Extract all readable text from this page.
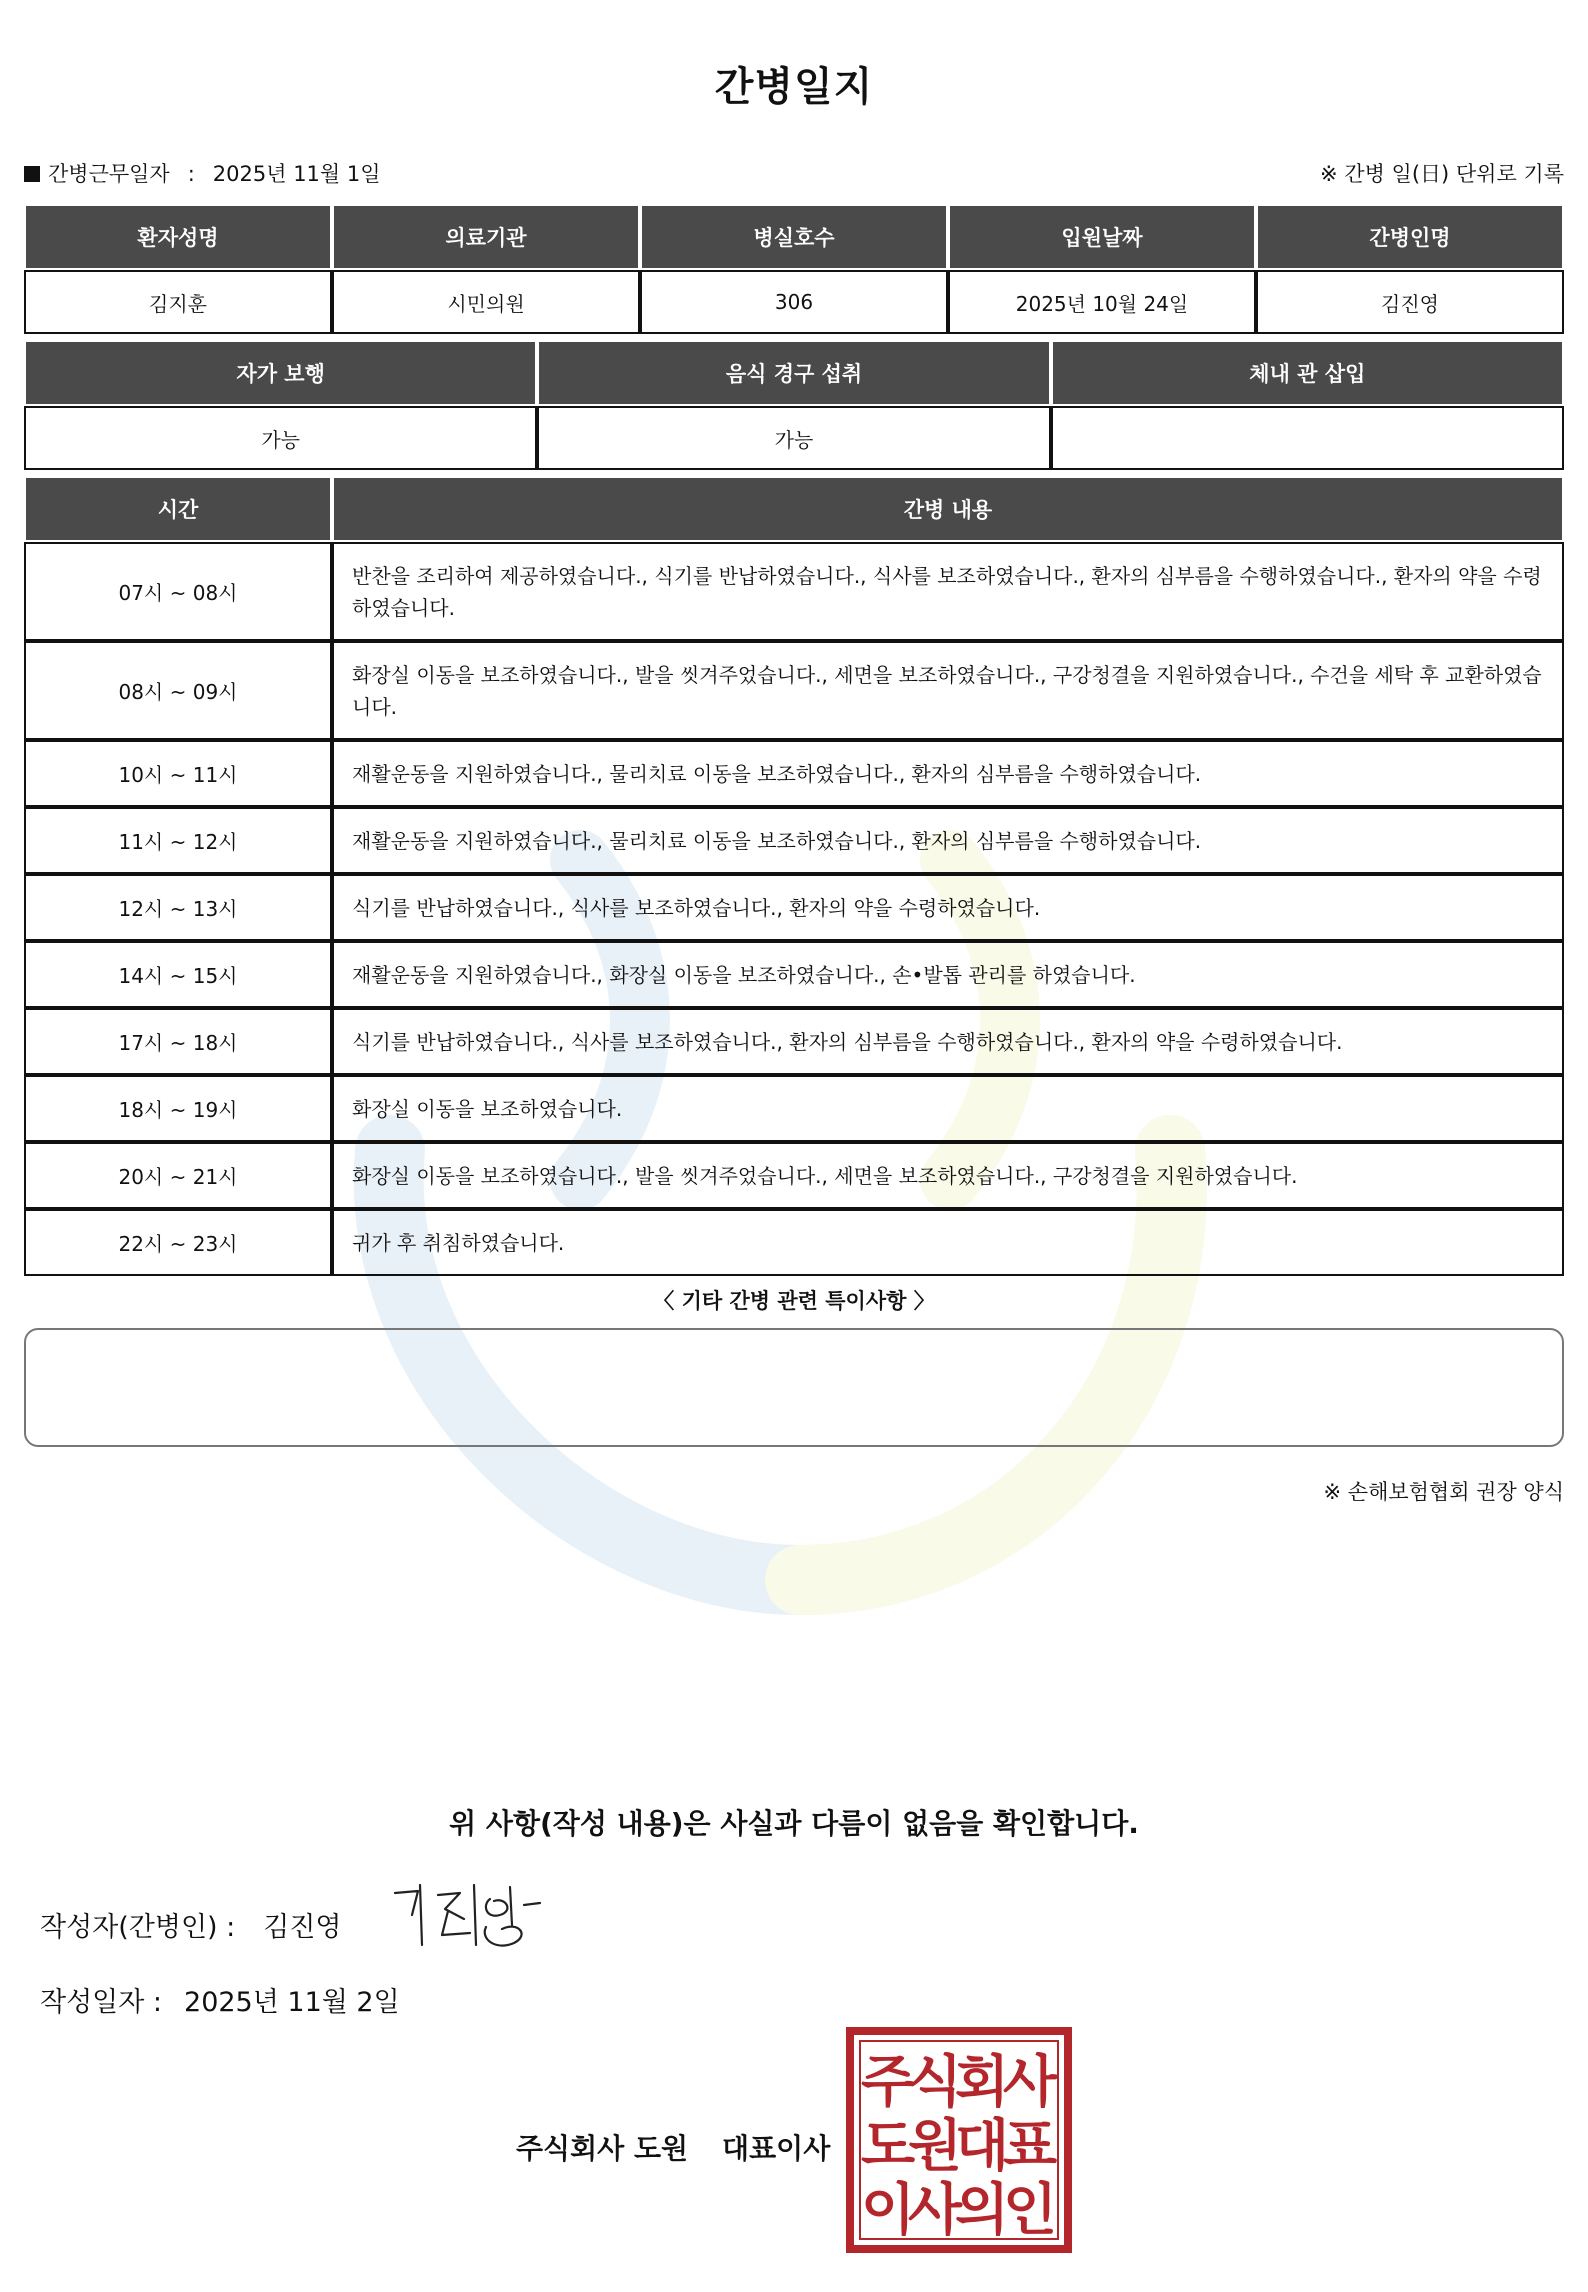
간병일지
간병근무일자 : 2025년 11월 1일	※ 간병 일(日) 단위로 기록
환자성명	의료기관	병실호수	입원날짜	간병인명
김지훈	시민의원	306	2025년 10월 24일	김진영
자가 보행	음식 경구 섭취	체내 관 삽입
가능	가능	
시간	간병 내용
07시 ~ 08시	반찬을 조리하여 제공하였습니다., 식기를 반납하였습니다., 식사를 보조하였습니다., 환자의 심부름을 수행하였습니다., 환자의 약을 수령하였습니다.
08시 ~ 09시	화장실 이동을 보조하였습니다., 발을 씻겨주었습니다., 세면을 보조하였습니다., 구강청결을 지원하였습니다., 수건을 세탁 후 교환하였습니다.
10시 ~ 11시	재활운동을 지원하였습니다., 물리치료 이동을 보조하였습니다., 환자의 심부름을 수행하였습니다.
11시 ~ 12시	재활운동을 지원하였습니다., 물리치료 이동을 보조하였습니다., 환자의 심부름을 수행하였습니다.
12시 ~ 13시	식기를 반납하였습니다., 식사를 보조하였습니다., 환자의 약을 수령하였습니다.
14시 ~ 15시	재활운동을 지원하였습니다., 화장실 이동을 보조하였습니다., 손•발톱 관리를 하였습니다.
17시 ~ 18시	식기를 반납하였습니다., 식사를 보조하였습니다., 환자의 심부름을 수행하였습니다., 환자의 약을 수령하였습니다.
18시 ~ 19시	화장실 이동을 보조하였습니다.
20시 ~ 21시	화장실 이동을 보조하였습니다., 발을 씻겨주었습니다., 세면을 보조하였습니다., 구강청결을 지원하였습니다.
22시 ~ 23시	귀가 후 취침하였습니다.
〈 기타 간병 관련 특이사항 〉
※ 손해보험협회 권장 양식
위 사항(작성 내용)은 사실과 다름이 없음을 확인합니다.
작성자(간병인) : 김진영
작성일자 : 2025년 11월 2일
주식회사 도원 대표이사
주
식
회
사
도
원
대
표
이
사
의
인
